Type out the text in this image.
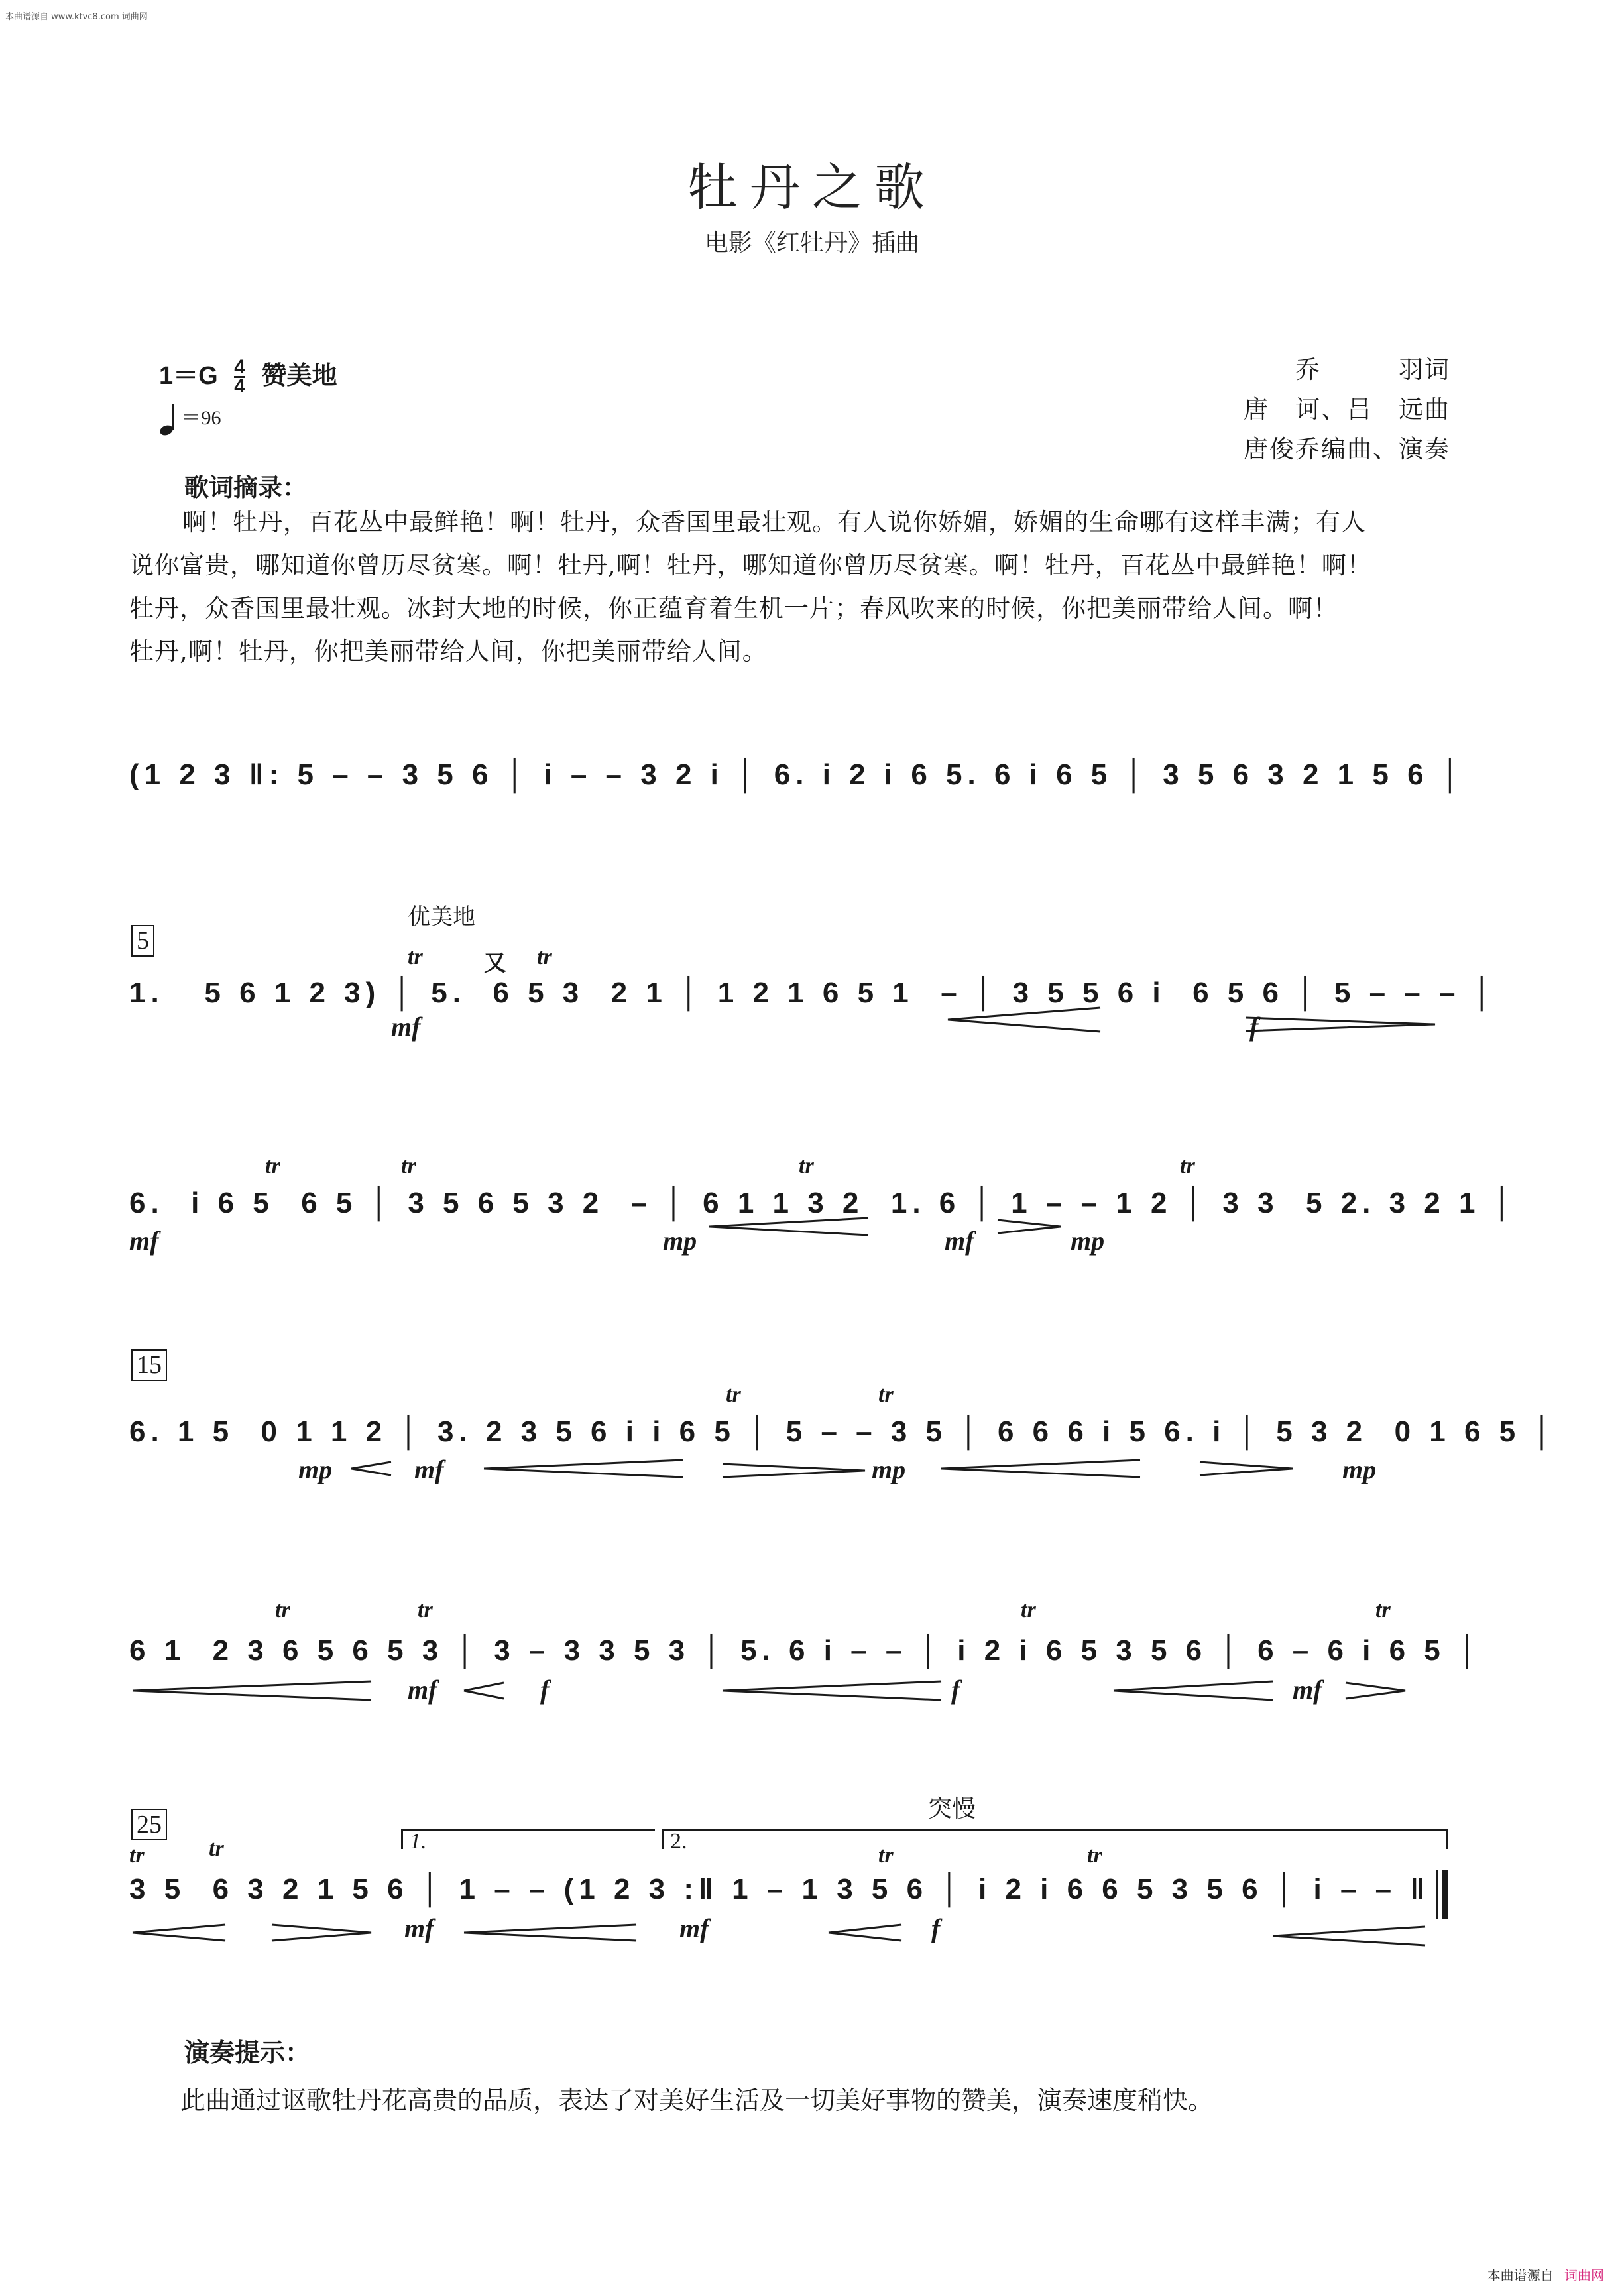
本曲谱源自 www.ktvc8.com 词曲网
牡丹之歌
电影《红牡丹》插曲
$1=G \frac{4}{4}$ 赞美地
＝96
乔　　　羽词
唐　诃、吕　远曲
唐俊乔编曲、演奏
歌词摘录：
啊！牡丹，百花丛中最鲜艳！啊！牡丹，众香国里最壮观。有人说你娇媚，娇媚的生命哪有这样丰满；有人
说你富贵，哪知道你曾历尽贫寒。啊！牡丹,啊！牡丹，哪知道你曾历尽贫寒。啊！牡丹，百花丛中最鲜艳！啊！
牡丹，众香国里最壮观。冰封大地的时候，你正蕴育着生机一片；春风吹来的时候，你把美丽带给人间。啊！
牡丹,啊！牡丹，你把美丽带给人间，你把美丽带给人间。
(1 2 3 ‖: 5 – – 3 5 6 │ i – – 3 2 i │ 6. i 2 i 6 5. 6 i 6 5 │ 3 5 6 3 2 1 5 6 │
优美地
5
tr	又 tr
1.   5 6 1 2 3) │ 5.  6 5 3  2 1 │ 1 2 1 6 5 1  – │ 3 5 5 6 i  6 5 6 │ 5 – – – │
mf	f
tr	tr	tr	tr
6.  i 6 5  6 5 │ 3 5 6 5 3 2  – │ 6 1 1 3 2  1. 6 │ 1 – – 1 2 │ 3 3  5 2. 3 2 1 │
mf	mp	mf	mp
15
tr	tr
6. 1 5  0 1 1 2 │ 3. 2 3 5 6 i i 6 5 │ 5 – – 3 5 │ 6 6 6 i 5 6. i │ 5 3 2  0 1 6 5 │
mp	mf	mp	mp
tr	tr	tr	tr
6 1  2 3 6 5 6 5 3 │ 3 – 3 3 5 3 │ 5. 6 i – – │ i 2 i 6 5 3 5 6 │ 6 – 6 i 6 5 │
mf	f	f	mf
突慢
25
1.	2.
tr	tr	tr	tr
3 5  6 3 2 1 5 6 │ 1 – – (1 2 3 :‖ 1 – 1 3 5 6 │ i 2 i 6 6 5 3 5 6 │ i – – ‖
mf	mf	f
演奏提示：
此曲通过讴歌牡丹花高贵的品质，表达了对美好生活及一切美好事物的赞美，演奏速度稍快。
本曲谱源自 词曲网
